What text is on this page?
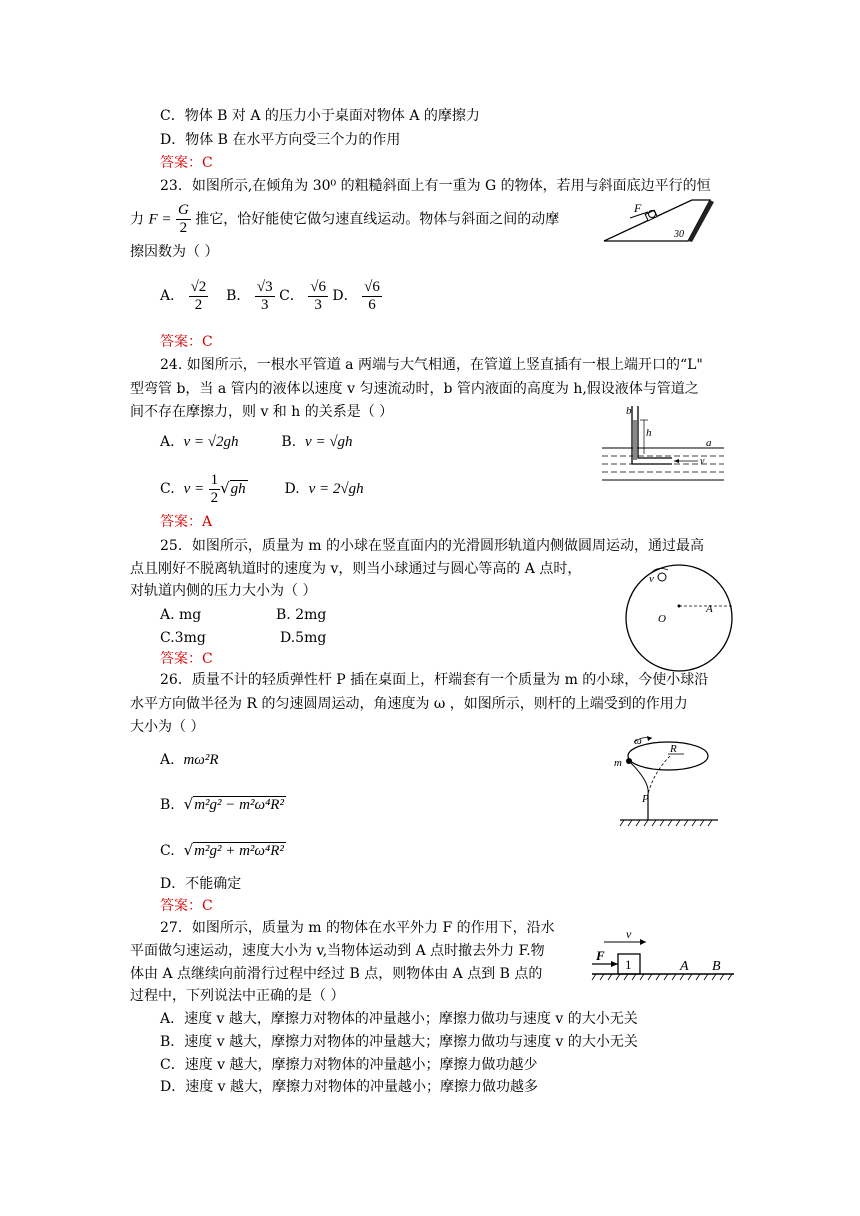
C．物体 B 对 A 的压力小于桌面对物体 A 的摩擦力
D．物体 B 在水平方向受三个力的作用
答案：C
23．如图所示,在倾角为 30⁰ 的粗糙斜面上有一重为 G 的物体，若用与斜面底边平行的恒
力 $F = \frac{G}{2}$ 推它，恰好能使它做匀速直线运动。物体与斜面之间的动摩
擦因数为（ ）
F
30
A． $\frac{√2}{2}$ B． $\frac{√3}{3}$ C． $\frac{√6}{3}$ D． $\frac{√6}{6}$
答案：C
24. 如图所示，一根水平管道 a 两端与大气相通，在管道上竖直插有一根上端开口的“L"
型弯管 b，当 a 管内的液体以速度 v 匀速流动时，b 管内液面的高度为 h,假设液体与管道之
间不存在摩擦力，则 v 和 h 的关系是（ ）	b
h
a
v
A. v = √2gh	B. v = √gh
C. $v = \frac{1}{2} √gh$	D. v = 2√gh
答案：A
25．如图所示，质量为 m 的小球在竖直面内的光滑圆形轨道内侧做圆周运动，通过最高
点且刚好不脱离轨道时的速度为 v，则当小球通过与圆心等高的 A 点时，
对轨道内侧的压力大小为（ ）
v
O
A
A. mg	B. 2mg
C.3mg	D.5mg
答案：C
26．质量不计的轻质弹性杆 P 插在桌面上，杆端套有一个质量为 m 的小球，今使小球沿
水平方向做半径为 R 的匀速圆周运动，角速度为 ω ，如图所示，则杆的上端受到的作用力
大小为（ ）
ω
R
m
P
A. mω²R
B. √m²g² − m²ω⁴R²
C. √m²g² + m²ω⁴R²
D．不能确定
答案：C
27．如图所示，质量为 m 的物体在水平外力 F 的作用下，沿水
平面做匀速运动，速度大小为 v,当物体运动到 A 点时撤去外力 F.物
体由 A 点继续向前滑行过程中经过 B 点，则物体由 A 点到 B 点的
过程中，下列说法中正确的是（ ）
F
v
1	A B
A．速度 v 越大，摩擦力对物体的冲量越小；摩擦力做功与速度 v 的大小无关
B．速度 v 越大，摩擦力对物体的冲量越大；摩擦力做功与速度 v 的大小无关
C．速度 v 越大，摩擦力对物体的冲量越小；摩擦力做功越少
D．速度 v 越大，摩擦力对物体的冲量越小；摩擦力做功越多
